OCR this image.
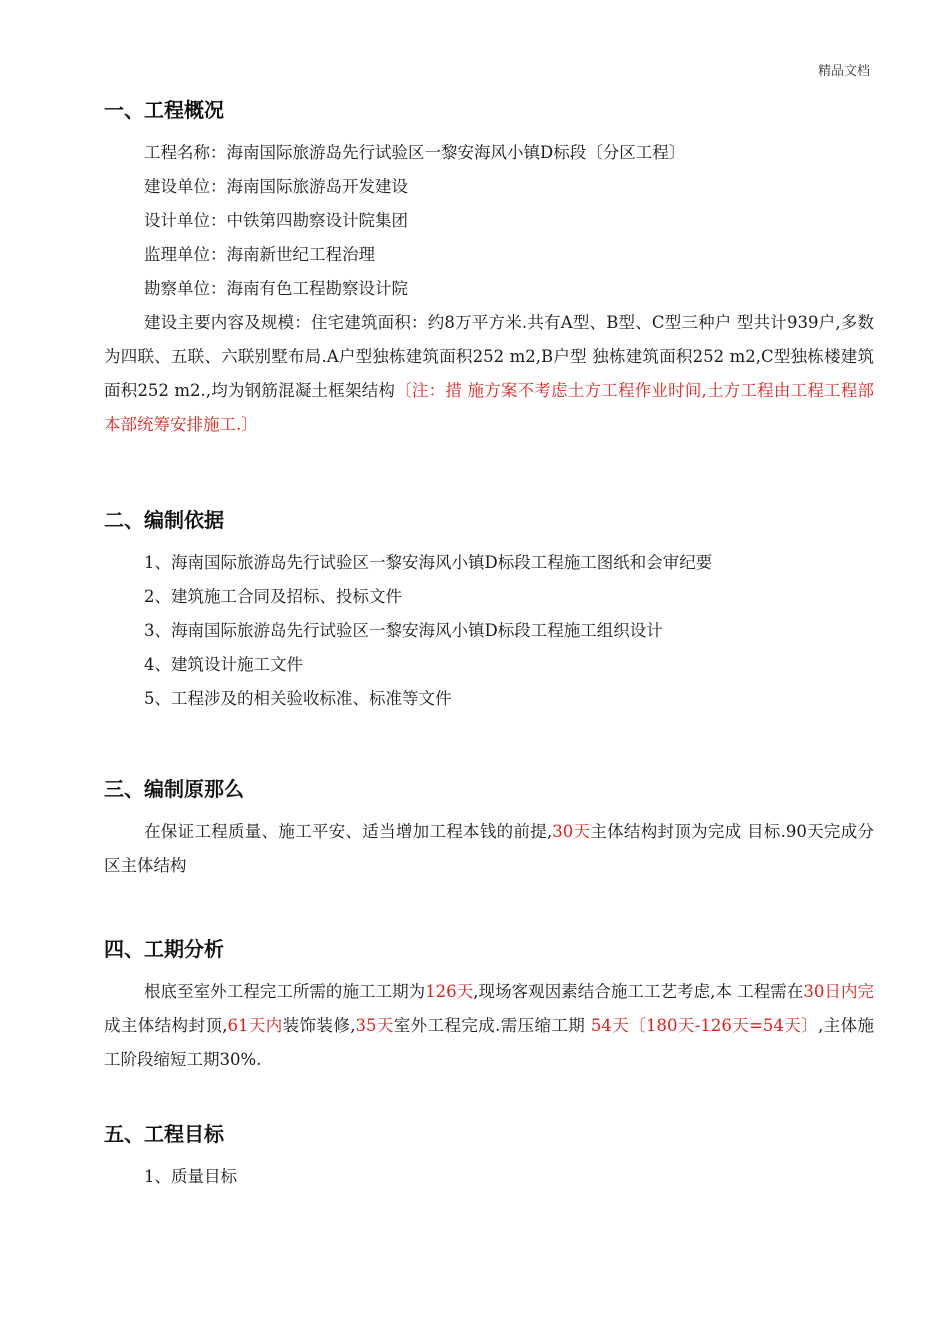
精品文档
一、工程概况
工程名称：海南国际旅游岛先行试验区一黎安海风小镇D标段〔分区工程〕
建设单位：海南国际旅游岛开发建设
设计单位：中铁第四勘察设计院集团
监理单位：海南新世纪工程治理
勘察单位：海南有色工程勘察设计院

建设主要内容及规模：住宅建筑面积：约8万平方米.共有A型、B型、C型三种户 型共计939户,多数为四联、五联、六联别墅布局.A户型独栋建筑面积252 m2,B户型 独栋建筑面积252 m2,C型独栋楼建筑面积252 m2.,均为钢筋混凝土框架结构〔注：措 施方案不考虑土方工程作业时间,土方工程由工程工程部本部统筹安排施工.〕

二、编制依据
1、海南国际旅游岛先行试验区一黎安海风小镇D标段工程施工图纸和会审纪要
2、建筑施工合同及招标、投标文件
3、海南国际旅游岛先行试验区一黎安海风小镇D标段工程施工组织设计
4、建筑设计施工文件
5、工程涉及的相关验收标准、标准等文件
三、编制原那么

在保证工程质量、施工平安、适当增加工程本钱的前提,30天主体结构封顶为完成 目标.90天完成分区主体结构

四、工期分析

根底至室外工程完工所需的施工工期为126天,现场客观因素结合施工工艺考虑,本 工程需在30日内完成主体结构封顶,61天内装饰装修,35天室外工程完成.需压缩工期 54天〔180天-126天=54天〕,主体施工阶段缩短工期30%.

五、工程目标
1、质量目标
